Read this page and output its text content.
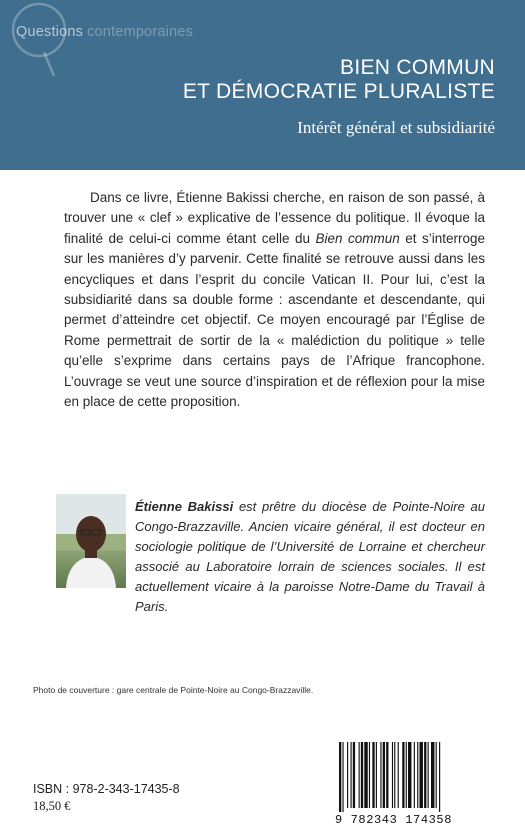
Questions contemporaines
BIEN COMMUN
ET DÉMOCRATIE PLURALISTE
Intérêt général et subsidiarité

Dans ce livre, Étienne Bakissi cherche, en raison de son passé, à trouver une « clef » explicative de l’essence du politique. Il évoque la finalité de celui-ci comme étant celle du Bien commun et s’interroge sur les manières d’y parvenir. Cette finalité se retrouve aussi dans les encycliques et dans l’esprit du concile Vatican II. Pour lui, c’est la subsidiarité dans sa double forme : ascendante et descendante, qui permet d’atteindre cet objectif. Ce moyen encouragé par l’Église de Rome permettrait de sortir de la « malédiction du politique » telle qu’elle s’exprime dans certains pays de l’Afrique francophone. L’ouvrage se veut une source d’inspiration et de réflexion pour la mise en place de cette proposition.

Étienne Bakissi est prêtre du diocèse de Pointe-Noire au Congo-Brazzaville. Ancien vicaire général, il est docteur en sociologie politique de l’Université de Lorraine et chercheur associé au Laboratoire lorrain de sciences sociales. Il est actuellement vicaire à la paroisse Notre-Dame du Travail à Paris.

Photo de couverture : gare centrale de Pointe-Noire au Congo-Brazzaville.
ISBN : 978-2-343-17435-8
18,50 €
9 782343 174358
